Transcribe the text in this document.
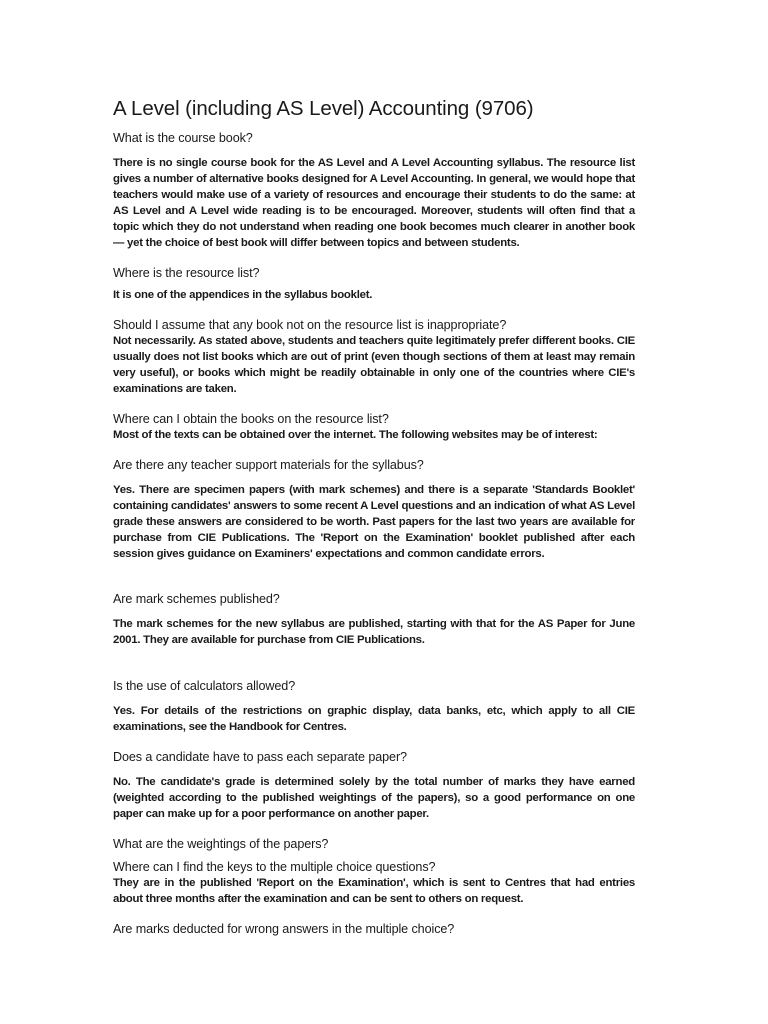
A Level (including AS Level) Accounting (9706)
What is the course book?

There is no single course book for the AS Level and A Level Accounting syllabus. The resource list gives a number of alternative books designed for A Level Accounting. In general, we would hope that teachers would make use of a variety of resources and encourage their students to do the same: at AS Level and A Level wide reading is to be encouraged. Moreover, students will often find that a topic which they do not understand when reading one book becomes much clearer in another book — yet the choice of best book will differ between topics and between students.

Where is the resource list?

It is one of the appendices in the syllabus booklet.

Should I assume that any book not on the resource list is inappropriate?

Not necessarily. As stated above, students and teachers quite legitimately prefer different books. CIE usually does not list books which are out of print (even though sections of them at least may remain very useful), or books which might be readily obtainable in only one of the countries where CIE's examinations are taken.

Where can I obtain the books on the resource list?

Most of the texts can be obtained over the internet. The following websites may be of interest:

Are there any teacher support materials for the syllabus?

Yes. There are specimen papers (with mark schemes) and there is a separate 'Standards Booklet' containing candidates' answers to some recent A Level questions and an indication of what AS Level grade these answers are considered to be worth. Past papers for the last two years are available for purchase from CIE Publications. The 'Report on the Examination' booklet published after each session gives guidance on Examiners' expectations and common candidate errors.

Are mark schemes published?

The mark schemes for the new syllabus are published, starting with that for the AS Paper for June 2001. They are available for purchase from CIE Publications.

Is the use of calculators allowed?

Yes. For details of the restrictions on graphic display, data banks, etc, which apply to all CIE examinations, see the Handbook for Centres.

Does a candidate have to pass each separate paper?

No. The candidate's grade is determined solely by the total number of marks they have earned (weighted according to the published weightings of the papers), so a good performance on one paper can make up for a poor performance on another paper.

What are the weightings of the papers?

Where can I find the keys to the multiple choice questions?

They are in the published 'Report on the Examination', which is sent to Centres that had entries about three months after the examination and can be sent to others on request.

Are marks deducted for wrong answers in the multiple choice?
